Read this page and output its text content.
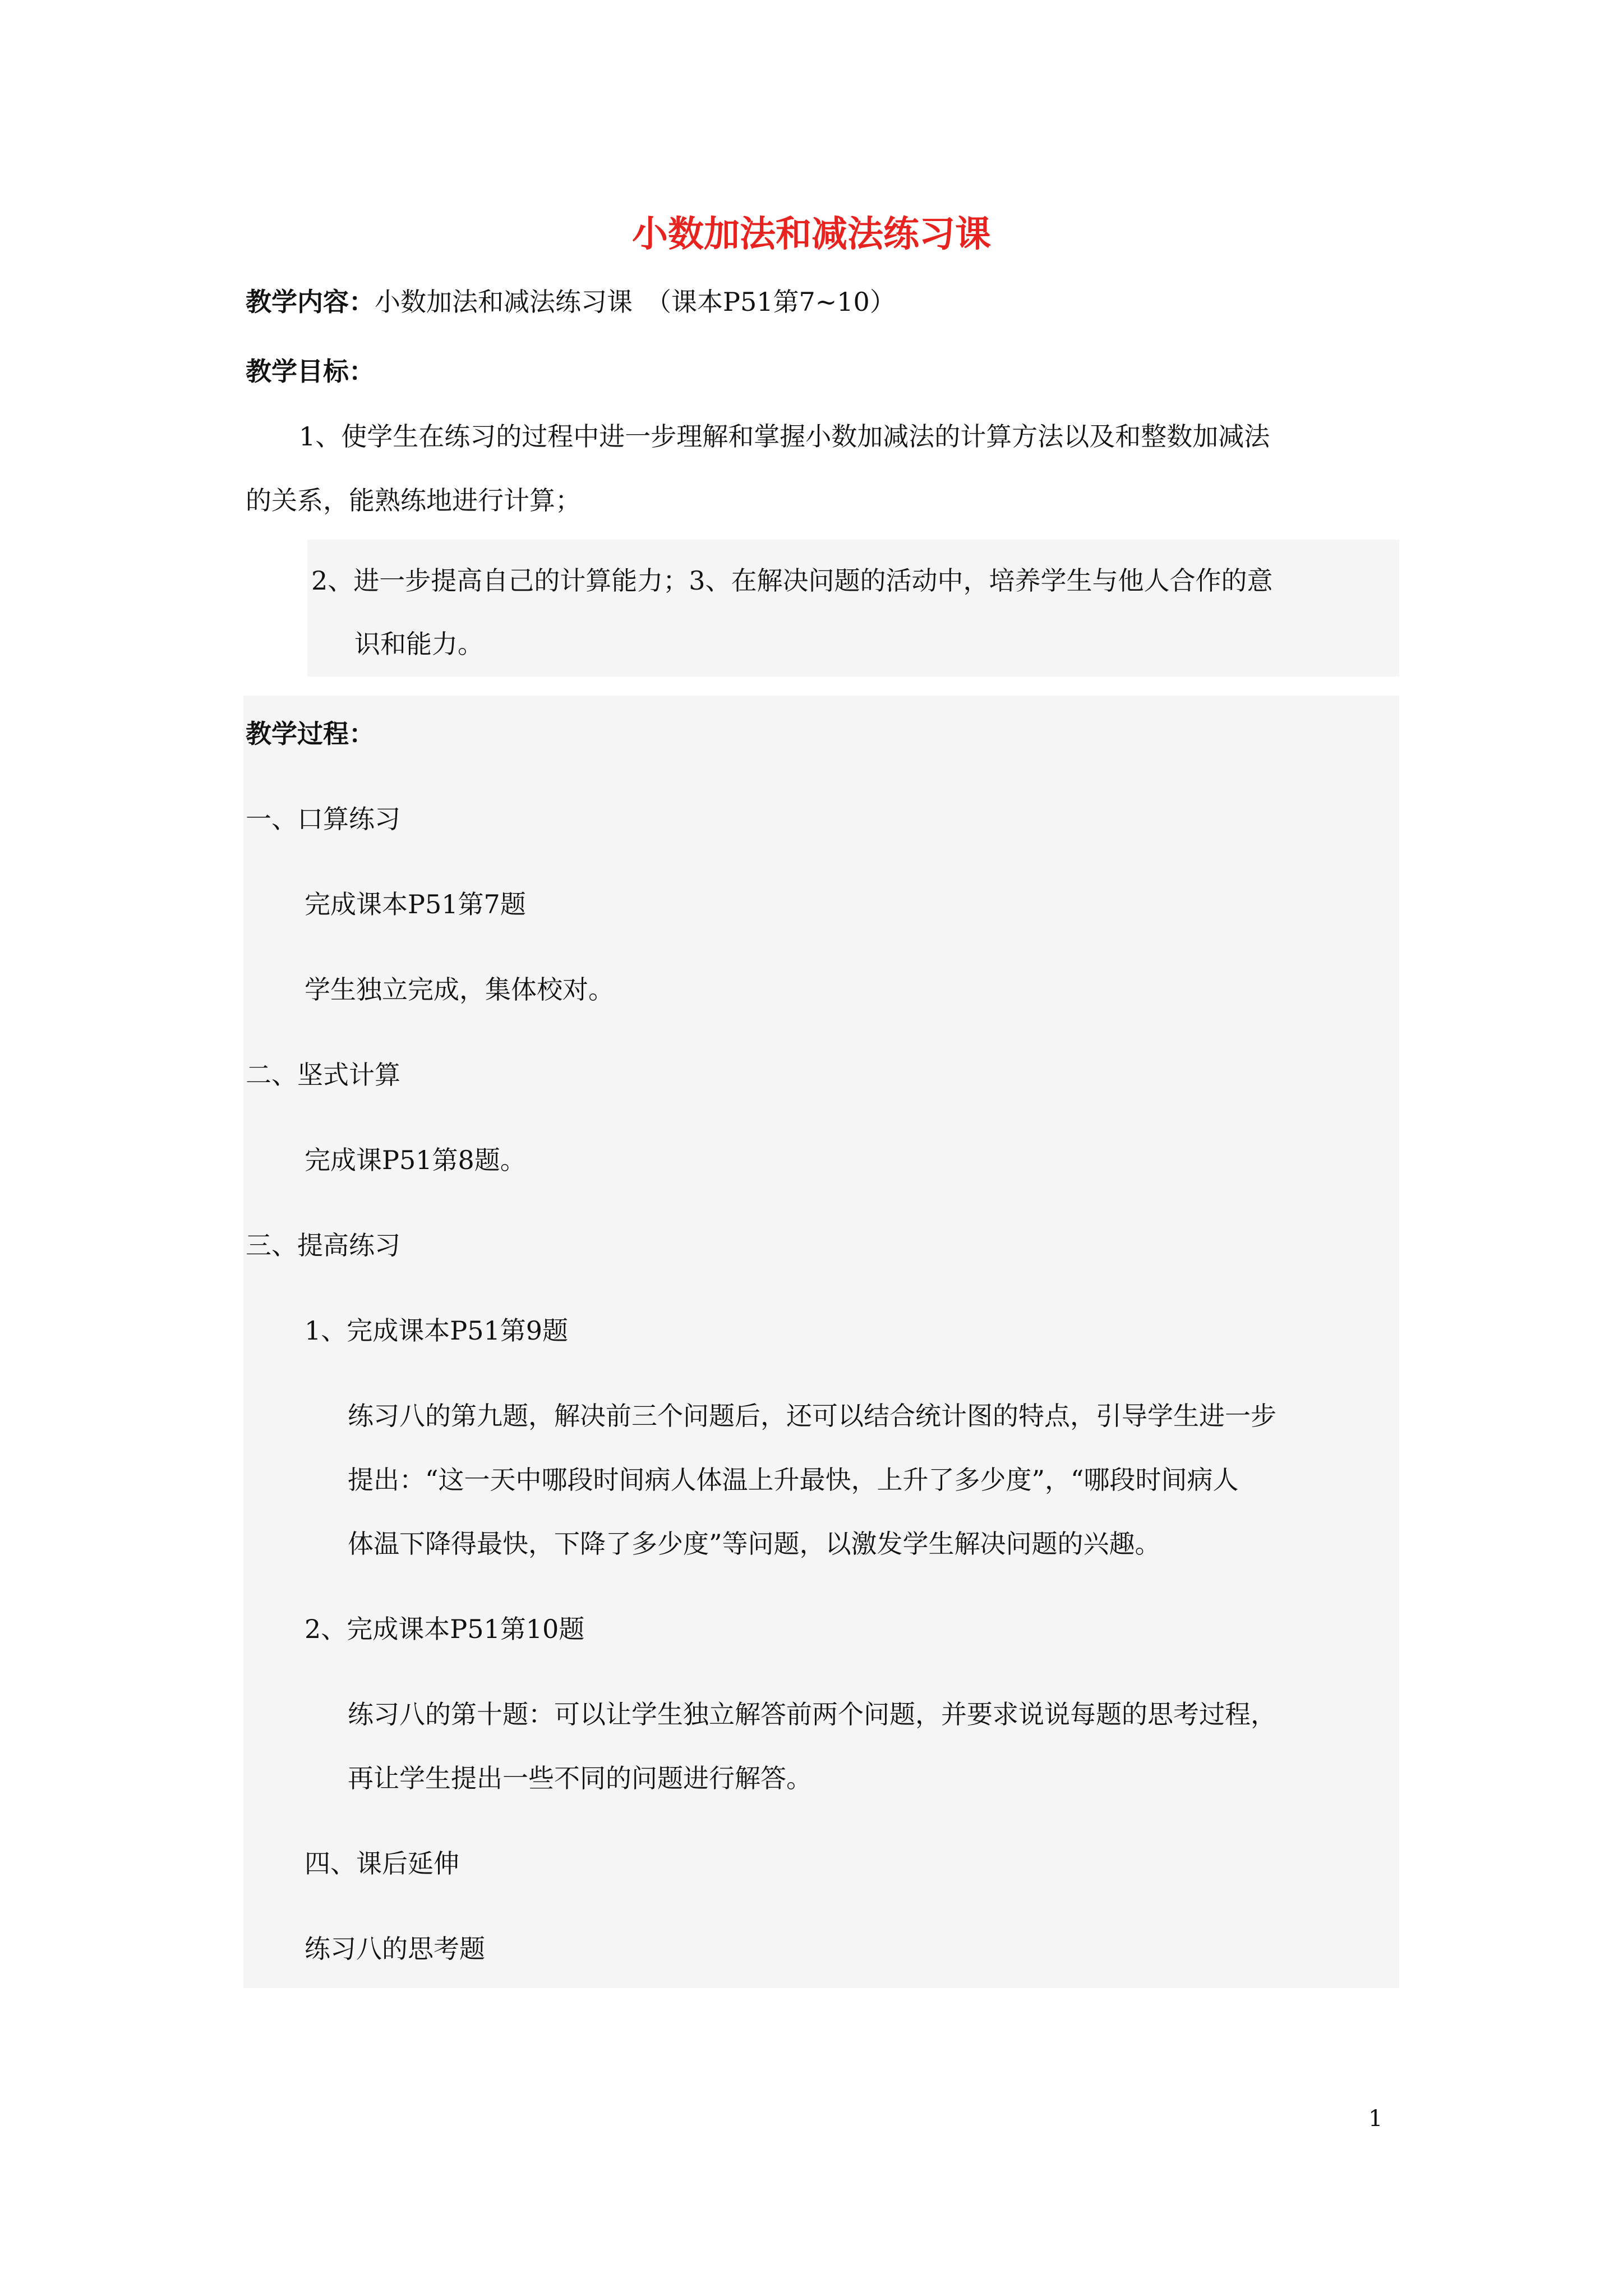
小数加法和减法练习课
教学内容：小数加法和减法练习课　（课本P51第7~10）
教学目标：
1、使学生在练习的过程中进一步理解和掌握小数加减法的计算方法以及和整数加减法
的关系，能熟练地进行计算；
2、进一步提高自己的计算能力；3、在解决问题的活动中，培养学生与他人合作的意
识和能力。
教学过程：
一、口算练习
完成课本P51第7题
学生独立完成，集体校对。
二、坚式计算
完成课P51第8题。
三、提高练习
1、完成课本P51第9题
练习八的第九题，解决前三个问题后，还可以结合统计图的特点，引导学生进一步
提出：“这一天中哪段时间病人体温上升最快，上升了多少度”，“哪段时间病人
体温下降得最快，下降了多少度”等问题，以激发学生解决问题的兴趣。
2、完成课本P51第10题
练习八的第十题：可以让学生独立解答前两个问题，并要求说说每题的思考过程，
再让学生提出一些不同的问题进行解答。
四、课后延伸
练习八的思考题
1
